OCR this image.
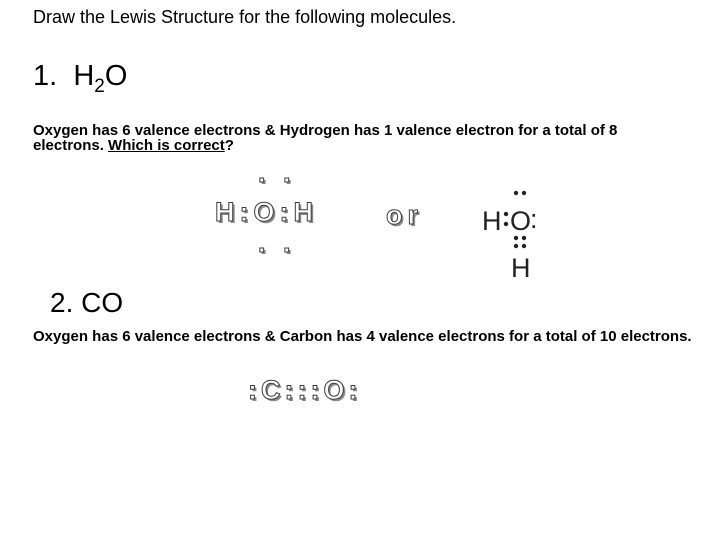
Draw the Lewis Structure for the following molecules.
1. $H_2O$
Oxygen has 6 valence electrons & Hydrogen has 1 valence electron for a total of 8 electrons. Which is correct?
. .
H:O:H
. .
or H O
:
H
2. CO
Oxygen has 6 valence electrons & Carbon has 4 valence electrons for a total of 10 electrons.
:C:::O:
